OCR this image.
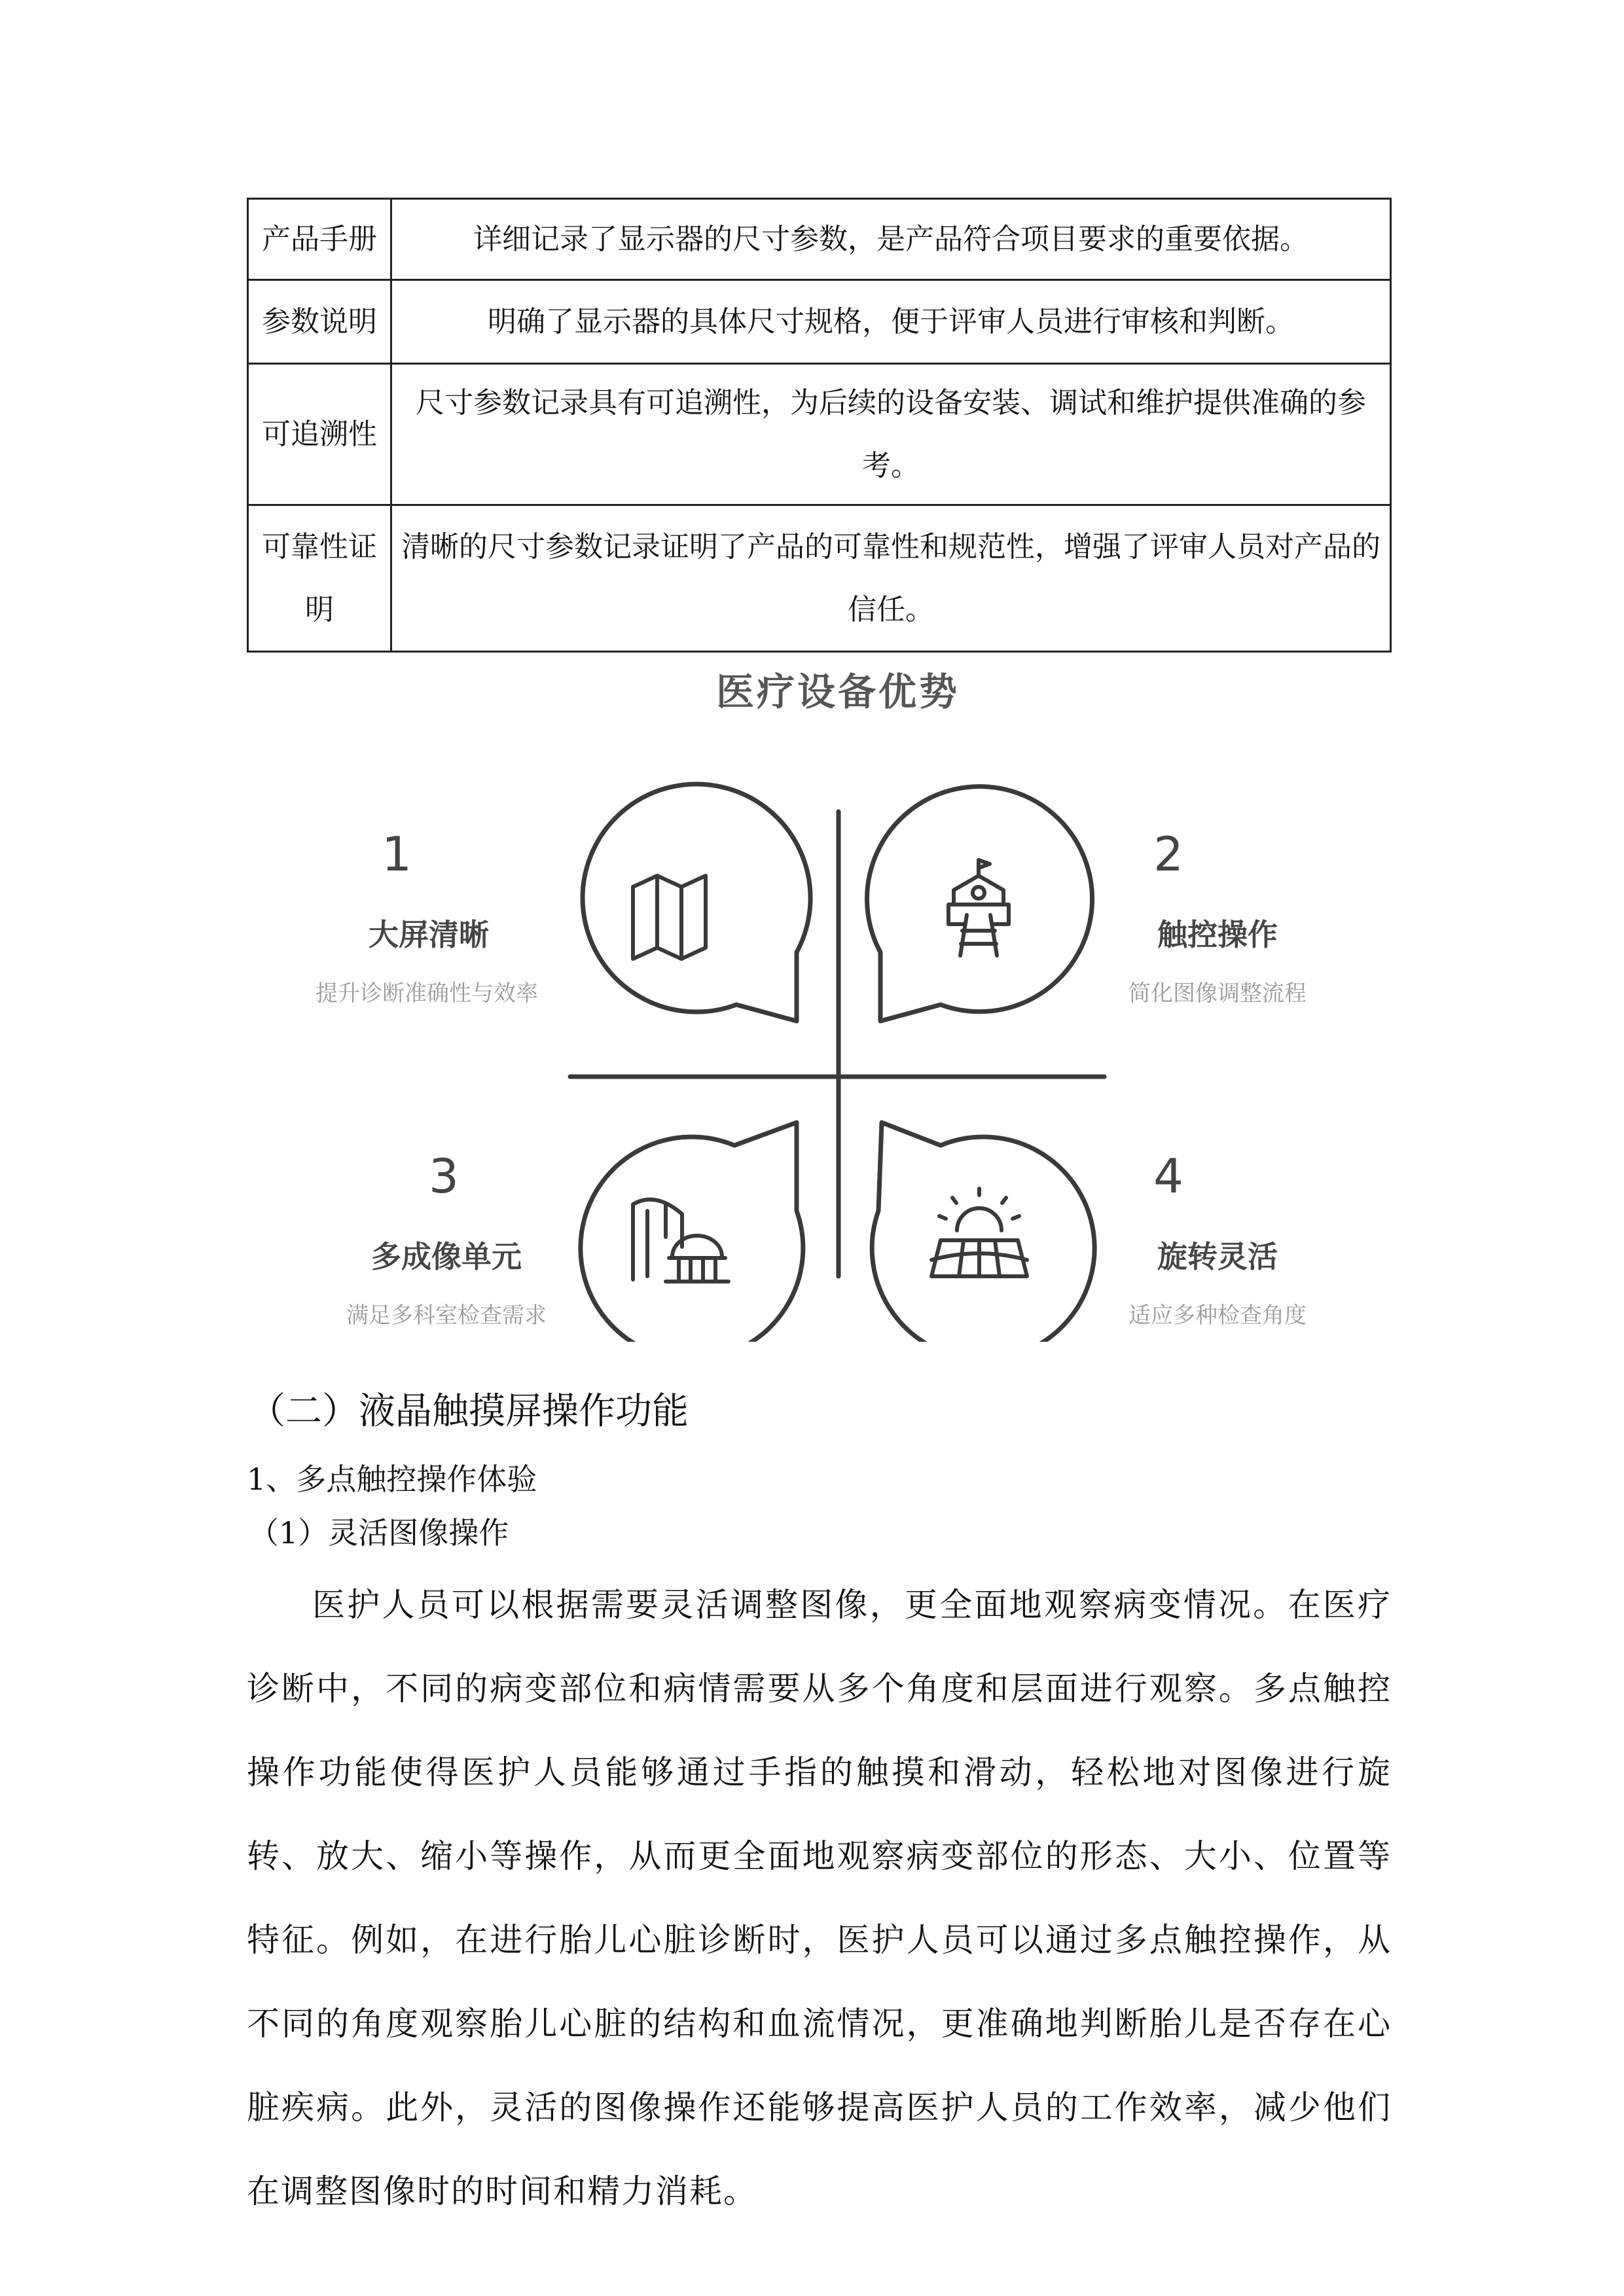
产品手册	详细记录了显示器的尺寸参数，是产品符合项目要求的重要依据。
参数说明	明确了显示器的具体尺寸规格，便于评审人员进行审核和判断。
可追溯性	尺寸参数记录具有可追溯性，为后续的设备安装、调试和维护提供准确的参考。
可靠性证明	清晰的尺寸参数记录证明了产品的可靠性和规范性，增强了评审人员对产品的信任。
医疗设备优势
1
大屏清晰
提升诊断准确性与效率
2
触控操作
简化图像调整流程
3
多成像单元
满足多科室检查需求
4
旋转灵活
适应多种检查角度
（二）液晶触摸屏操作功能
1、多点触控操作体验
（1）灵活图像操作

医护人员可以根据需要灵活调整图像，更全面地观察病变情况。在医疗诊断中，不同的病变部位和病情需要从多个角度和层面进行观察。多点触控操作功能使得医护人员能够通过手指的触摸和滑动，轻松地对图像进行旋转、放大、缩小等操作，从而更全面地观察病变部位的形态、大小、位置等特征。例如，在进行胎儿心脏诊断时，医护人员可以通过多点触控操作，从不同的角度观察胎儿心脏的结构和血流情况，更准确地判断胎儿是否存在心脏疾病。此外，灵活的图像操作还能够提高医护人员的工作效率，减少他们在调整图像时的时间和精力消耗。
